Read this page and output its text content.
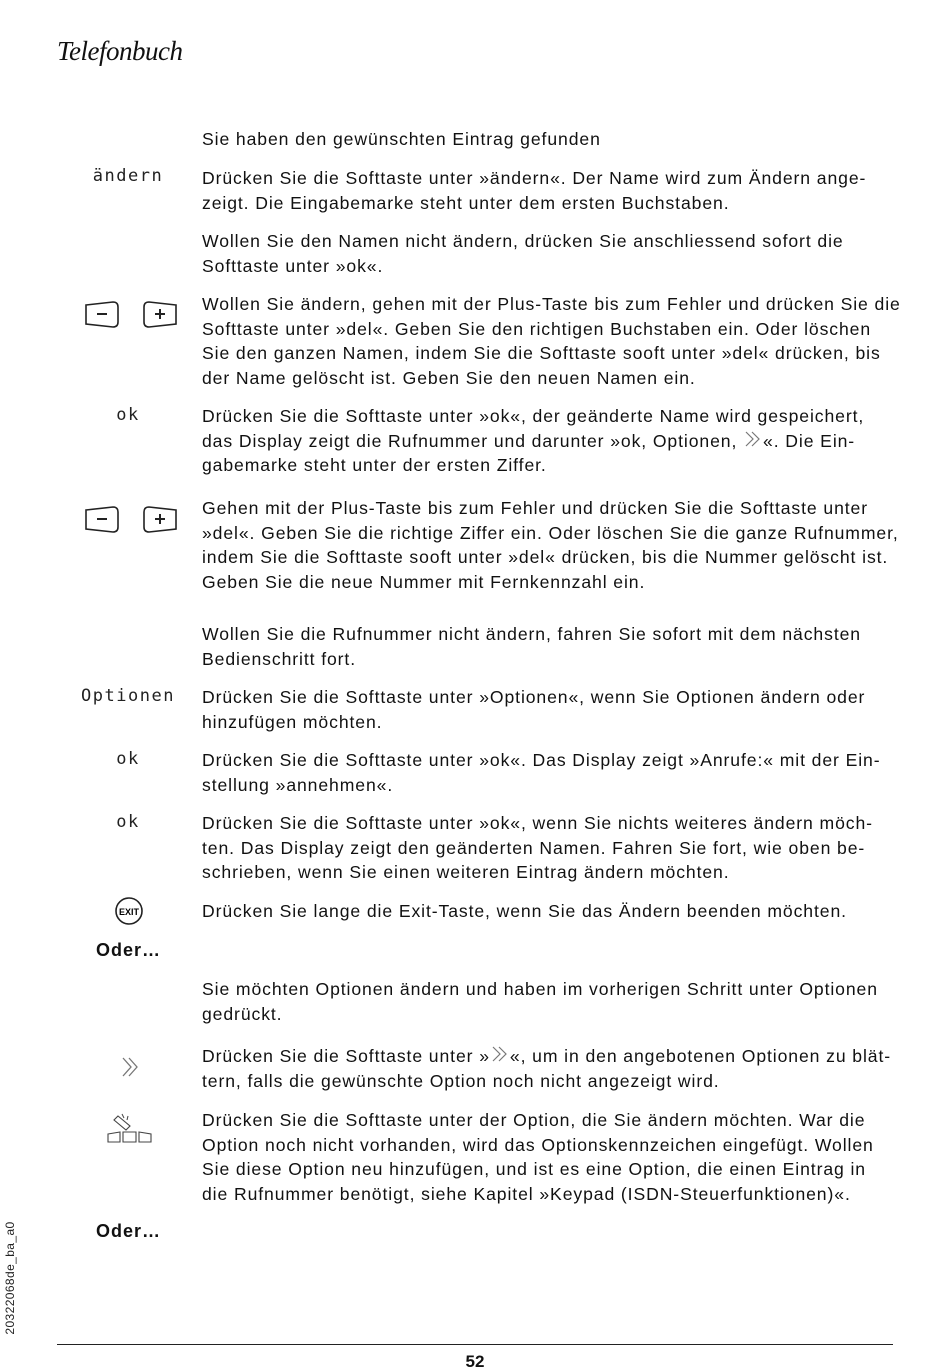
Telefonbuch

Sie haben den gewünschten Eintrag gefunden

ändern	Drücken Sie die Softtaste unter »ändern«. Der Name wird zum Ändern ange-
zeigt. Die Eingabemarke steht unter dem ersten Buchstaben.

Wollen Sie den Namen nicht ändern, drücken Sie anschliessend sofort die
Softtaste unter »ok«.

Wollen Sie ändern, gehen mit der Plus-Taste bis zum Fehler und drücken Sie die
Softtaste unter »del«. Geben Sie den richtigen Buchstaben ein. Oder löschen
Sie den ganzen Namen, indem Sie die Softtaste sooft unter »del« drücken, bis
der Name gelöscht ist. Geben Sie den neuen Namen ein.

ok	Drücken Sie die Softtaste unter »ok«, der geänderte Name wird gespeichert,
das Display zeigt die Rufnummer und darunter »ok, Optionen, «. Die Ein-
gabemarke steht unter der ersten Ziffer.

Gehen mit der Plus-Taste bis zum Fehler und drücken Sie die Softtaste unter
»del«. Geben Sie die richtige Ziffer ein. Oder löschen Sie die ganze Rufnummer,
indem Sie die Softtaste sooft unter »del« drücken, bis die Nummer gelöscht ist.
Geben Sie die neue Nummer mit Fernkennzahl ein.

Wollen Sie die Rufnummer nicht ändern, fahren Sie sofort mit dem nächsten
Bedienschritt fort.

Optionen	Drücken Sie die Softtaste unter »Optionen«, wenn Sie Optionen ändern oder
hinzufügen möchten.

ok	Drücken Sie die Softtaste unter »ok«. Das Display zeigt »Anrufe:« mit der Ein-
stellung »annehmen«.

ok	Drücken Sie die Softtaste unter »ok«, wenn Sie nichts weiteres ändern möch-
ten. Das Display zeigt den geänderten Namen. Fahren Sie fort, wie oben be-
schrieben, wenn Sie einen weiteren Eintrag ändern möchten.

EXIT	Drücken Sie lange die Exit-Taste, wenn Sie das Ändern beenden möchten.

Oder…

Sie möchten Optionen ändern und haben im vorherigen Schritt unter Optionen
gedrückt.

Drücken Sie die Softtaste unter » «, um in den angebotenen Optionen zu blät-
tern, falls die gewünschte Option noch nicht angezeigt wird.

Drücken Sie die Softtaste unter der Option, die Sie ändern möchten. War die
Option noch nicht vorhanden, wird das Optionskennzeichen eingefügt. Wollen
Sie diese Option neu hinzufügen, und ist es eine Option, die einen Eintrag in
die Rufnummer benötigt, siehe Kapitel »Keypad (ISDN-Steuerfunktionen)«.

Oder…
20322068de_ba_a0
52
